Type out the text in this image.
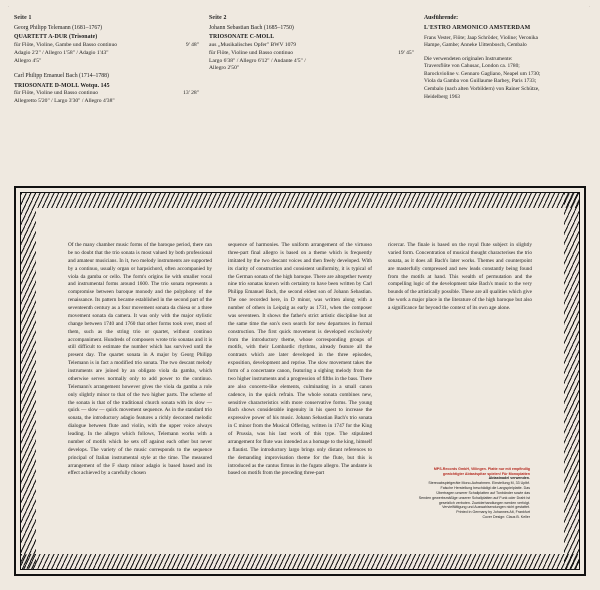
·	·
Seite 1
Georg Philipp Telemann (1681–1767)
QUARTETT A-DUR (Trisonate)
9' 48"
für Flöte, Violine, Gambe und Basso continuo
Adagio 2'2" / Allegro 1'58" / Adagio 1'43"
Allegro 4'5"
Carl Philipp Emanuel Bach (1714–1788)
TRIOSONATE D-MOLL Wotqu. 145
13' 28"
für Flöte, Violine und Basso continuo
Allegretto 5'20" / Largo 3'30" / Allegro 4'38"
Seite 2
Johann Sebastian Bach (1685–1750)
TRIOSONATE C-MOLL
aus „Musikalisches Opfer" BWV 1079
19' 45"
für Flöte, Violine und Basso continuo
Largo 6'38" / Allegro 6'12" / Andante 4'5" /
Allegro 2'50"
Ausführende:
L'ESTRO ARMONICO AMSTERDAM
Frans Vester, Flöte; Jaap Schröder, Violine; Veronika
Hampe, Gambe; Anneke Uittenbosch, Cembalo
Die verwendeten originalen Instrumente:
Traversflöte von Cahusac, London ca. 1780;
Barockvioline v. Gennaro Gagliano, Neapel um 1730;
Viola da Gamba von Guillaume Barbey, Paris 1733;
Cembalo (nach alten Vorbildern) von Rainer Schütze,
Heidelberg 1963

Of the many chamber music forms of the baroque period, there can be no doubt that the trio sonata is most valued by both professional and amateur musicians. In it, two melody instruments are supported by a continuo, usually organ or harpsichord, often accompanied by viola da gamba or cello. The form's origins lie with smaller vocal and instrumental forms around 1600. The trio sonata represents a compromise between baroque monody and the polyphony of the renaissance. Its pattern became established in the second part of the seventeenth century as a four movement sonata da chiesa or a three movement sonata da camera. It was only with the major stylistic change between 1740 and 1760 that other forms took over, most of them, such as the string trio or quartet, without continuo accompaniment. Hundreds of composers wrote trio sonatas and it is still difficult to estimate the number which has survived until the present day. The quartet sonata in A major by Georg Philipp Telemann is in fact a modified trio sonata. The two descant melody instruments are joined by an obligato viola da gamba, which otherwise serves normally only to add power to the continuo. Telemann's arrangement however gives the viola da gamba a role only slightly minor to that of the two higher parts. The scheme of the sonata is that of the traditional church sonata with its slow — quick — slow — quick movement sequence. As in the standard trio sonata, the introductory adagio features a richly decorated melodic dialogue between flute and violin, with the upper voice always leading. In the allegro which follows, Telemann works with a number of motifs which he sets off against each other but never develops. The variety of the music corresponds to the sequence principal of Italian instrumental style at the time. The measured arrangement of the F sharp minor adagio is based based and its effect achieved by a carefully chosen

sequence of harmonies. The uniform arrangement of the virtuoso three-part final allegro is based on a theme which is frequently imitated by the two descant voices and then freely developed. With its clarity of construction and consistent uniformity, it is typical of the German sonata of the high baroque. There are altogether twenty nine trio sonatas known with certainty to have been written by Carl Philipp Emanuel Bach, the second eldest son of Johann Sebastian. The one recorded here, in D minor, was written along with a number of others in Leipzig as early as 1731, when the composer was seventeen. It shows the father's strict artistic discipline but at the same time the son's own search for new departures in formal construction. The first quick movement is developed exclusively from the introductory theme, whose corresponding groups of motifs, with their Lombardic rhythms, already feature all the contrasts which are later developed in the three episodes, exposition, development and reprise. The slow movement takes the form of a concertante canon, featuring a sighing melody from the two higher instruments and a progression of fifths in the bass. There are also concerto-like elements, culminating in a small canon cadence, in the quick refrain. The whole sonata combines new, sensitive characteristics with more conservative forms. The young Bach shows considerable ingenuity in his quest to increase the expressive power of his music. Johann Sebastian Bach's trio sonata in C minor from the Musical Offering, written in 1747 for the King of Prussia, was his last work of this type. The stipulated arrangement for flute was intended as a homage to the king, himself a flautist. The introductory largo brings only distant references to the demanding improvisation theme for the flute, but this is introduced as the cantus firmus in the fugato allegro. The andante is based on motifs from the preceding three-part

ricercar. The finale is based on the royal flute subject in slightly varied form. Concentration of musical thought characterises the trio sonata, as it does all Bach's later works. Themes and counterpoint are masterfully compressed and new leads constantly being found from the motifs at hand. This wealth of permutation and the compelling logic of the development take Bach's music to the very bounds of the artistically possible. These are all qualities which give the work a major place in the literature of the high baroque but also a significance far beyond the context of its own age alone.

MPS-Records GmbH, Villingen. Platte nur mit empfindlig
gewichtigter Abtastspitze spielen! Für Monoplatten
Abtastnadel verwenden.
Stereoabspielgeräte Mono-Aufnahmen. Einstellung M, 33 Uplbf.
Falsche Herstellung beschädigt die Langspielplatte. Das
Übertragen unserer Schallplatten auf Tonbänder sowie das
Senden gewerbsmäßige unserer Schallplatten auf Funk oder Draht ist
gesetzlich verboten. Zuwiderhandlungen werden verfolgt.
Vervielfältigung und Auswahlsendungen nicht gestattet.
Printed in Germany by Johannes Alt, Frankfurt
Cover Design: Claus B. Keller
